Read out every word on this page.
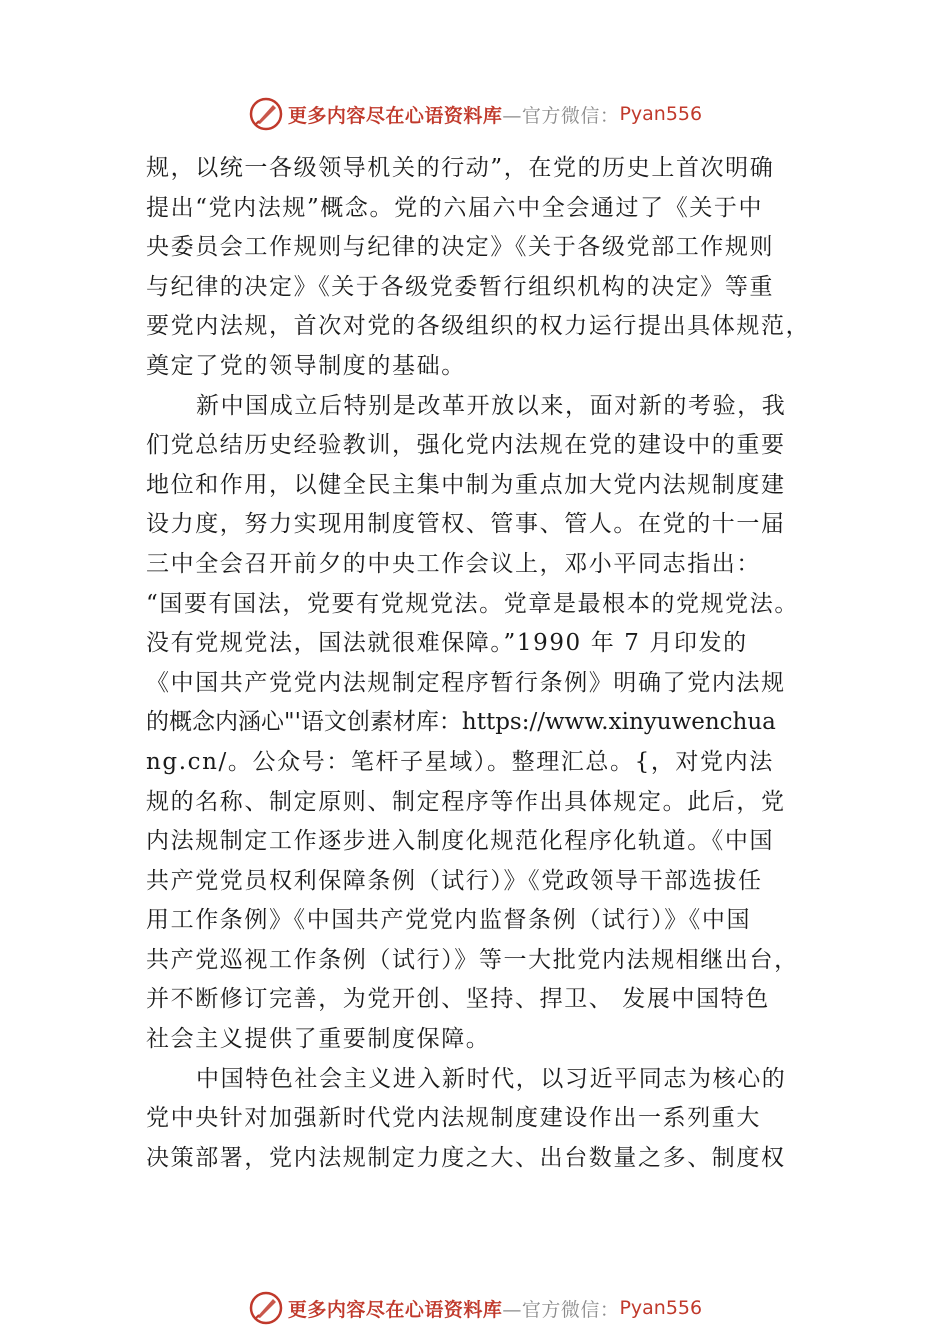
更多内容尽在心语资料库 —官方微信： Pyan556
规，以统一各级领导机关的行动”，在党的历史上首次明确
提出“党内法规”概念。党的六届六中全会通过了《关于中
央委员会工作规则与纪律的决定》《关于各级党部工作规则
与纪律的决定》《关于各级党委暂行组织机构的决定》等重
要党内法规，首次对党的各级组织的权力运行提出具体规范，
奠定了党的领导制度的基础。
新中国成立后特别是改革开放以来，面对新的考验，我
们党总结历史经验教训，强化党内法规在党的建设中的重要
地位和作用，以健全民主集中制为重点加大党内法规制度建
设力度，努力实现用制度管权、管事、管人。在党的十一届
三中全会召开前夕的中央工作会议上，邓小平同志指出：
“国要有国法，党要有党规党法。党章是最根本的党规党法。
没有党规党法，国法就很难保障。”1990 年 7 月印发的
《中国共产党党内法规制定程序暂行条例》明确了党内法规
的概念内涵心"'语文创素材库：https://www.xinyuwenchua
ng.cn/。公众号：笔杆子星域）。整理汇总。{，对党内法
规的名称、制定原则、制定程序等作出具体规定。此后，党
内法规制定工作逐步进入制度化规范化程序化轨道。《中国
共产党党员权利保障条例（试行）》《党政领导干部选拔任
用工作条例》《中国共产党党内监督条例（试行）》《中国
共产党巡视工作条例（试行）》等一大批党内法规相继出台，
并不断修订完善，为党开创、坚持、捍卫、 发展中国特色
社会主义提供了重要制度保障。
中国特色社会主义进入新时代，以习近平同志为核心的
党中央针对加强新时代党内法规制度建设作出一系列重大
决策部署，党内法规制定力度之大、出台数量之多、制度权
更多内容尽在心语资料库 —官方微信： Pyan556
